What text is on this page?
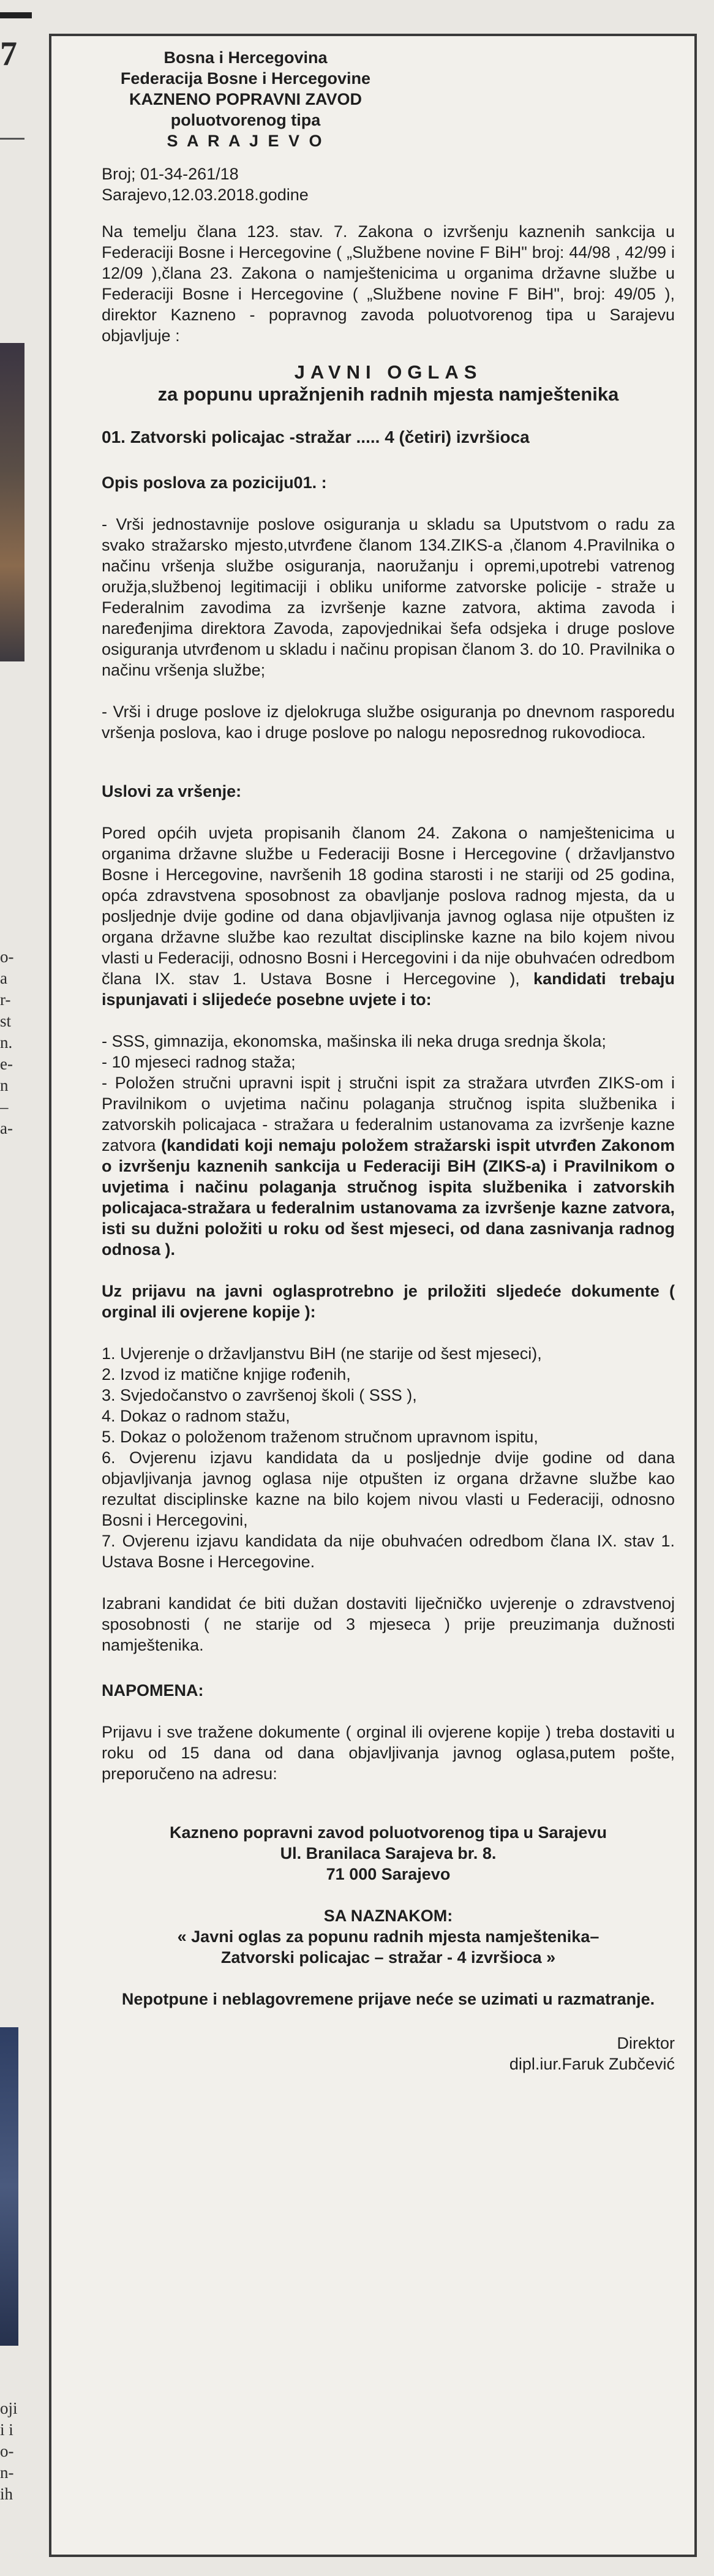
7
o-
a
r-
st
n.
e-
n
–
a-
oji
i i
o-
n-
ih
Bosna i Hercegovina
Federacija Bosne i Hercegovine
KAZNENO POPRAVNI ZAVOD
poluotvorenog tipa
S A R A J E V O
Broj; 01-34-261/18
Sarajevo,12.03.2018.godine

Na temelju člana 123. stav. 7. Zakona o izvršenju kaznenih sankcija u Federaciji Bosne i Hercegovine ( „Službene novine F BiH" broj: 44/98 , 42/99 i 12/09 ),člana 23. Zakona o namještenicima u organima državne službe u Federaciji Bosne i Hercegovine ( „Službene novine F BiH", broj: 49/05 ), direktor Kazneno - popravnog zavoda poluotvorenog tipa u Sarajevu objavljuje :

JAVNI OGLAS
za popunu upražnjenih radnih mjesta namještenika
01. Zatvorski policajac -stražar ..... 4 (četiri) izvršioca
Opis poslova za poziciju01. :

- Vrši jednostavnije poslove osiguranja u skladu sa Uputstvom o radu za svako stražarsko mjesto,utvrđene članom 134.ZIKS-a ,članom 4.Pravilnika o načinu vršenja službe osiguranja, naoružanju i opremi,upotrebi vatrenog oružja,službenoj legitimaciji i obliku uniforme zatvorske policije - straže u Federalnim zavodima za izvršenje kazne zatvora, aktima zavoda i naređenjima direktora Zavoda, zapovjednikai šefa odsjeka i druge poslove osiguranja utvrđenom u skladu i načinu propisan članom 3. do 10. Pravilnika o načinu vršenja službe;

- Vrši i druge poslove iz djelokruga službe osiguranja po dnevnom rasporedu vršenja poslova, kao i druge poslove po nalogu neposrednog rukovodioca.

Uslovi za vršenje:

Pored općih uvjeta propisanih članom 24. Zakona o namještenicima u organima državne službe u Federaciji Bosne i Hercegovine ( državljanstvo Bosne i Hercegovine, navršenih 18 godina starosti i ne stariji od 25 godina, opća zdravstvena sposobnost za obavljanje poslova radnog mjesta, da u posljednje dvije godine od dana objavljivanja javnog oglasa nije otpušten iz organa državne službe kao rezultat disciplinske kazne na bilo kojem nivou vlasti u Federaciji, odnosno Bosni i Hercegovini i da nije obuhvaćen odredbom člana IX. stav 1. Ustava Bosne i Hercegovine ), kandidati trebaju ispunjavati i slijedeće posebne uvjete i to:

- SSS, gimnazija, ekonomska, mašinska ili neka druga srednja škola;

- 10 mjeseci radnog staža;

- Položen stručni upravni ispit į stručni ispit za stražara utvrđen ZIKS-om i Pravilnikom o uvjetima načinu polaganja stručnog ispita službenika i zatvorskih policajaca - stražara u federalnim ustanovama za izvršenje kazne zatvora (kandidati koji nemaju položem stražarski ispit utvrđen Zakonom o izvršenju kaznenih sankcija u Federaciji BiH (ZIKS-a) i Pravilnikom o uvjetima i načinu polaganja stručnog ispita službenika i zatvorskih policajaca-stražara u federalnim ustanovama za izvršenje kazne zatvora, isti su dužni položiti u roku od šest mjeseci, od dana zasnivanja radnog odnosa ).

Uz prijavu na javni oglasprotrebno je priložiti sljedeće dokumente ( orginal ili ovjerene kopije ):

1. Uvjerenje o državljanstvu BiH (ne starije od šest mjeseci),

2. Izvod iz matične knjige rođenih,

3. Svjedočanstvo o završenoj školi ( SSS ),

4. Dokaz o radnom stažu,

5. Dokaz o položenom traženom stručnom upravnom ispitu,

6. Ovjerenu izjavu kandidata da u posljednje dvije godine od dana objavljivanja javnog oglasa nije otpušten iz organa državne službe kao rezultat disciplinske kazne na bilo kojem nivou vlasti u Federaciji, odnosno Bosni i Hercegovini,

7. Ovjerenu izjavu kandidata da nije obuhvaćen odredbom člana IX. stav 1. Ustava Bosne i Hercegovine.

Izabrani kandidat će biti dužan dostaviti liječničko uvjerenje o zdravstvenoj sposobnosti ( ne starije od 3 mjeseca ) prije preuzimanja dužnosti namještenika.

NAPOMENA:

Prijavu i sve tražene dokumente ( orginal ili ovjerene kopije ) treba dostaviti u roku od 15 dana od dana objavljivanja javnog oglasa,putem pošte, preporučeno na adresu:

Kazneno popravni zavod poluotvorenog tipa u Sarajevu
Ul. Branilaca Sarajeva br. 8.
71 000 Sarajevo
SA NAZNAKOM:
« Javni oglas za popunu radnih mjesta namještenika–
Zatvorski policajac – stražar - 4 izvršioca »
Nepotpune i neblagovremene prijave neće se uzimati u razmatranje.
Direktor
dipl.iur.Faruk Zubčević
